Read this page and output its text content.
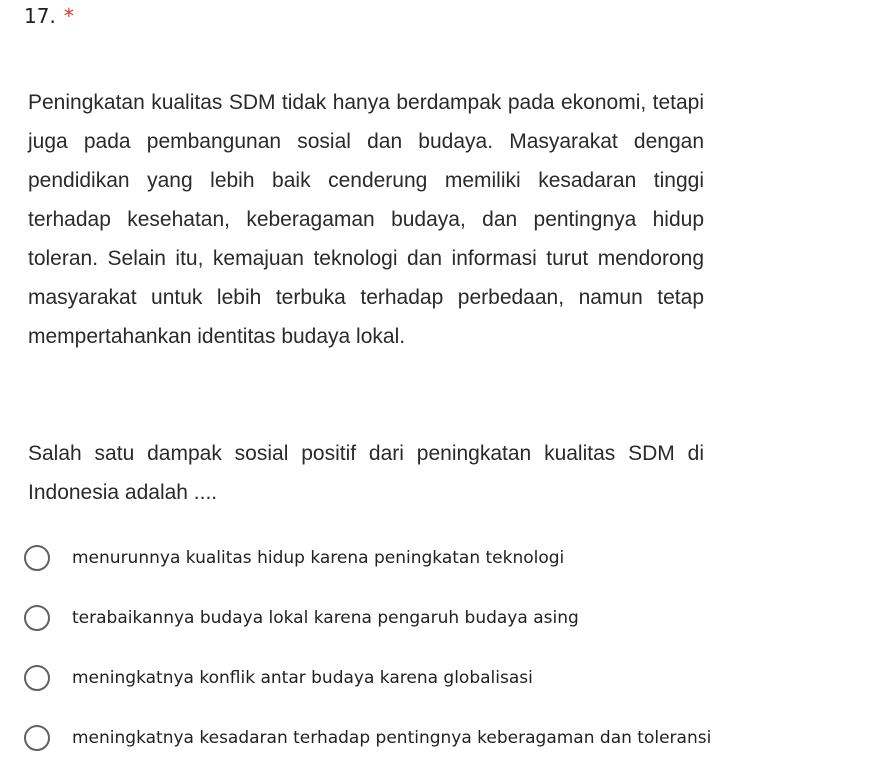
17. *

Peningkatan kualitas SDM tidak hanya berdampak pada ekonomi, tetapi juga pada pembangunan sosial dan budaya. Masyarakat dengan pendidikan yang lebih baik cenderung memiliki kesadaran tinggi terhadap kesehatan, keberagaman budaya, dan pentingnya hidup toleran. Selain itu, kemajuan teknologi dan informasi turut mendorong masyarakat untuk lebih terbuka terhadap perbedaan, namun tetap mempertahankan identitas budaya lokal.

Salah satu dampak sosial positif dari peningkatan kualitas SDM di Indonesia adalah ....

menurunnya kualitas hidup karena peningkatan teknologi
terabaikannya budaya lokal karena pengaruh budaya asing
meningkatnya konflik antar budaya karena globalisasi
meningkatnya kesadaran terhadap pentingnya keberagaman dan toleransi
